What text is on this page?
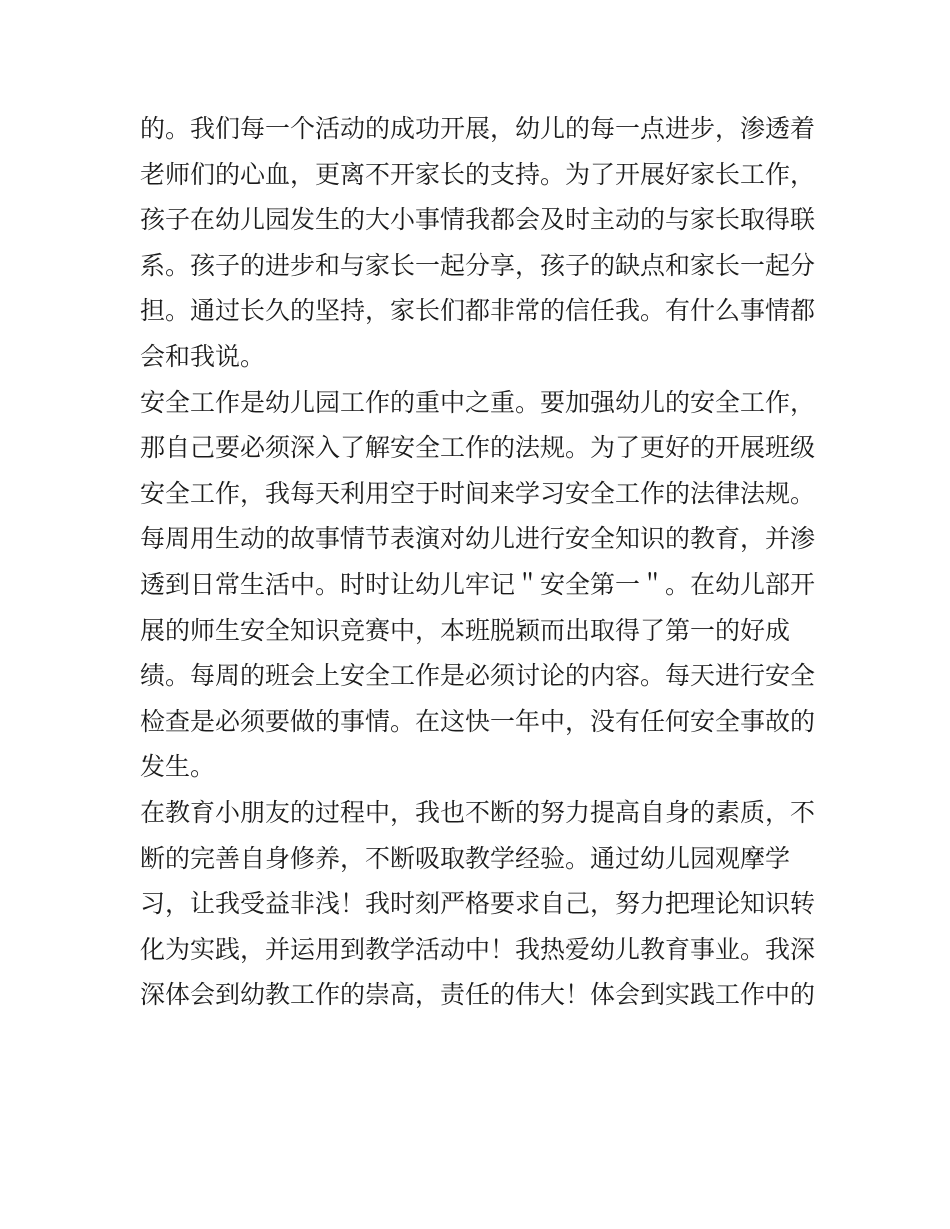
的。我们每一个活动的成功开展，幼儿的每一点进步，渗透着
老师们的心血，更离不开家长的支持。为了开展好家长工作，
孩子在幼儿园发生的大小事情我都会及时主动的与家长取得联
系。孩子的进步和与家长一起分享，孩子的缺点和家长一起分
担。通过长久的坚持，家长们都非常的信任我。有什么事情都
会和我说。
安全工作是幼儿园工作的重中之重。要加强幼儿的安全工作，
那自己要必须深入了解安全工作的法规。为了更好的开展班级
安全工作，我每天利用空于时间来学习安全工作的法律法规。
每周用生动的故事情节表演对幼儿进行安全知识的教育，并渗
透到日常生活中。时时让幼儿牢记＂安全第一＂。在幼儿部开
展的师生安全知识竞赛中，本班脱颖而出取得了第一的好成
绩。每周的班会上安全工作是必须讨论的内容。每天进行安全
检查是必须要做的事情。在这快一年中，没有任何安全事故的
发生。
在教育小朋友的过程中，我也不断的努力提高自身的素质，不
断的完善自身修养，不断吸取教学经验。通过幼儿园观摩学
习，让我受益非浅！我时刻严格要求自己，努力把理论知识转
化为实践，并运用到教学活动中！我热爱幼儿教育事业。我深
深体会到幼教工作的崇高，责任的伟大！体会到实践工作中的
